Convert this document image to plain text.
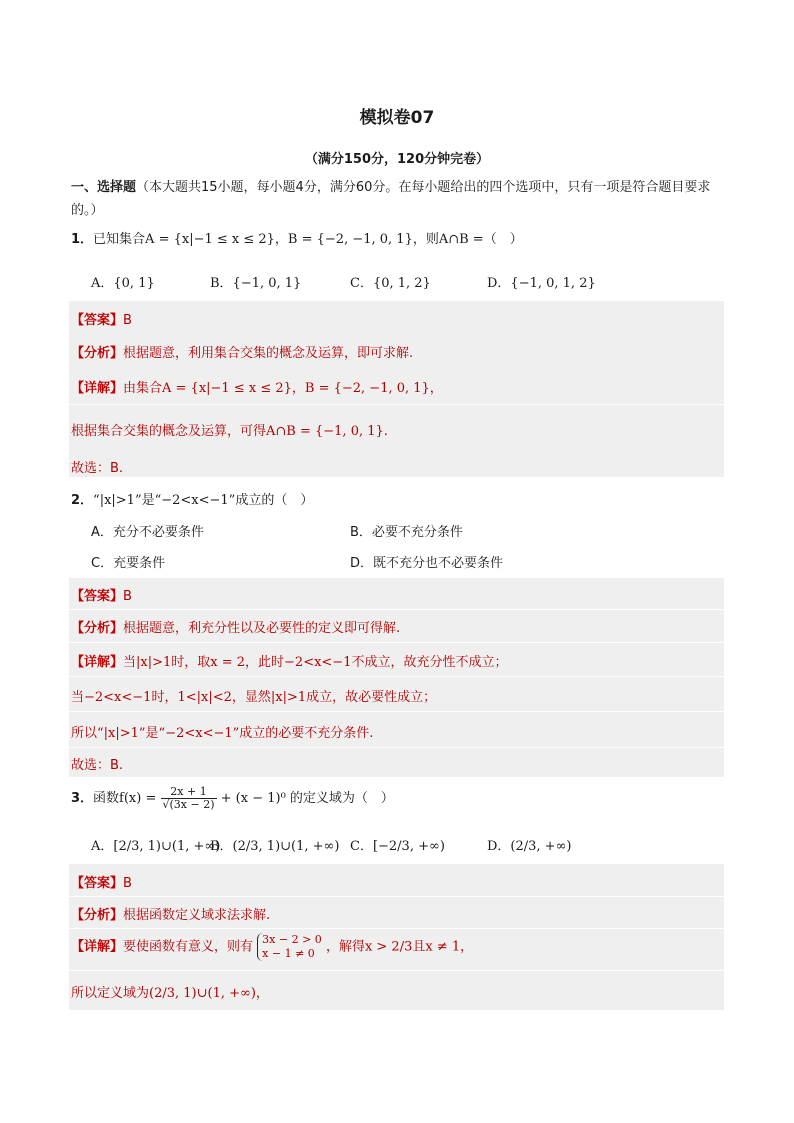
模拟卷07
（满分150分，120分钟完卷）
一、选择题（本大题共15小题，每小题4分，满分60分。在每小题给出的四个选项中，只有一项是符合题目要求的。）
1．已知集合A = {x|−1 ≤ x ≤ 2}，B = {−2, −1, 0, 1}，则A∩B =（　）
A．{0, 1}	B．{−1, 0, 1}	C．{0, 1, 2}	D．{−1, 0, 1, 2}
【答案】B
【分析】根据题意，利用集合交集的概念及运算，即可求解.
【详解】由集合A = {x|−1 ≤ x ≤ 2}，B = {−2, −1, 0, 1}，
根据集合交集的概念及运算，可得A∩B = {−1, 0, 1}.
故选：B.
2．“|x|>1”是“−2<x<−1”成立的（　）
A．充分不必要条件	B．必要不充分条件
C．充要条件	D．既不充分也不必要条件
【答案】B
【分析】根据题意，利充分性以及必要性的定义即可得解.
【详解】当|x|>1时，取x = 2，此时−2<x<−1不成立，故充分性不成立；
当−2<x<−1时，1<|x|<2，显然|x|>1成立，故必要性成立；
所以“|x|>1”是“−2<x<−1”成立的必要不充分条件.
故选：B.
3．函数$f(x) = \frac{2x + 1}{√(3x - 2)} + (x - 1)^0$ 的定义域为（　）
A．[2/3, 1)∪(1, +∞)
B．(2/3, 1)∪(1, +∞) C．[−2/3, +∞)	D．(2/3, +∞)
【答案】B
【分析】根据函数定义域求法求解.
【详解】要使函数有意义，则有 3x − 2 > 0
x − 1 ≠ 0 ，解得x > 2/3且x ≠ 1，
所以定义域为(2/3, 1)∪(1, +∞)，
